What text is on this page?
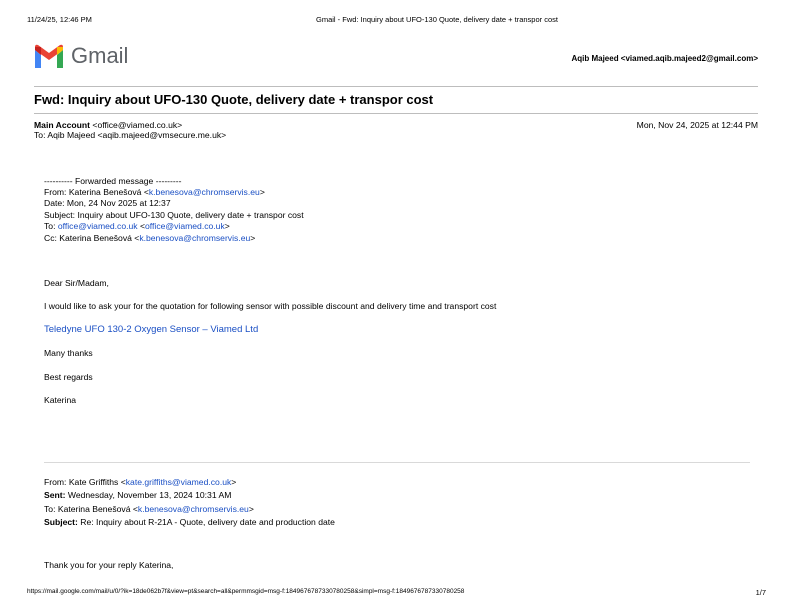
11/24/25, 12:46 PM	Gmail - Fwd: Inquiry about UFO-130 Quote, delivery date + transpor cost
Gmail	Aqib Majeed <viamed.aqib.majeed2@gmail.com>
Fwd: Inquiry about UFO-130 Quote, delivery date + transpor cost
Main Account <office@viamed.co.uk>
To: Aqib Majeed <aqib.majeed@vmsecure.me.uk>
Mon, Nov 24, 2025 at 12:44 PM
---------- Forwarded message ---------
From: Katerina Benešová <k.benesova@chromservis.eu>
Date: Mon, 24 Nov 2025 at 12:37
Subject: Inquiry about UFO-130 Quote, delivery date + transpor cost
To: office@viamed.co.uk <office@viamed.co.uk>
Cc: Katerina Benešová <k.benesova@chromservis.eu>
Dear Sir/Madam,
I would like to ask your for the quotation for following sensor with possible discount and delivery time and transport cost
Teledyne UFO 130-2 Oxygen Sensor – Viamed Ltd
Many thanks
Best regards
Katerina
From: Kate Griffiths <kate.griffiths@viamed.co.uk>
Sent: Wednesday, November 13, 2024 10:31 AM
To: Katerina Benešová <k.benesova@chromservis.eu>
Subject: Re: Inquiry about R-21A - Quote, delivery date and production date
Thank you for your reply Katerina,
https://mail.google.com/mail/u/0/?ik=18de062b7f&view=pt&search=all&permmsgid=msg-f:1849676787330780258&simpl=msg-f:1849676787330780258	1/7
